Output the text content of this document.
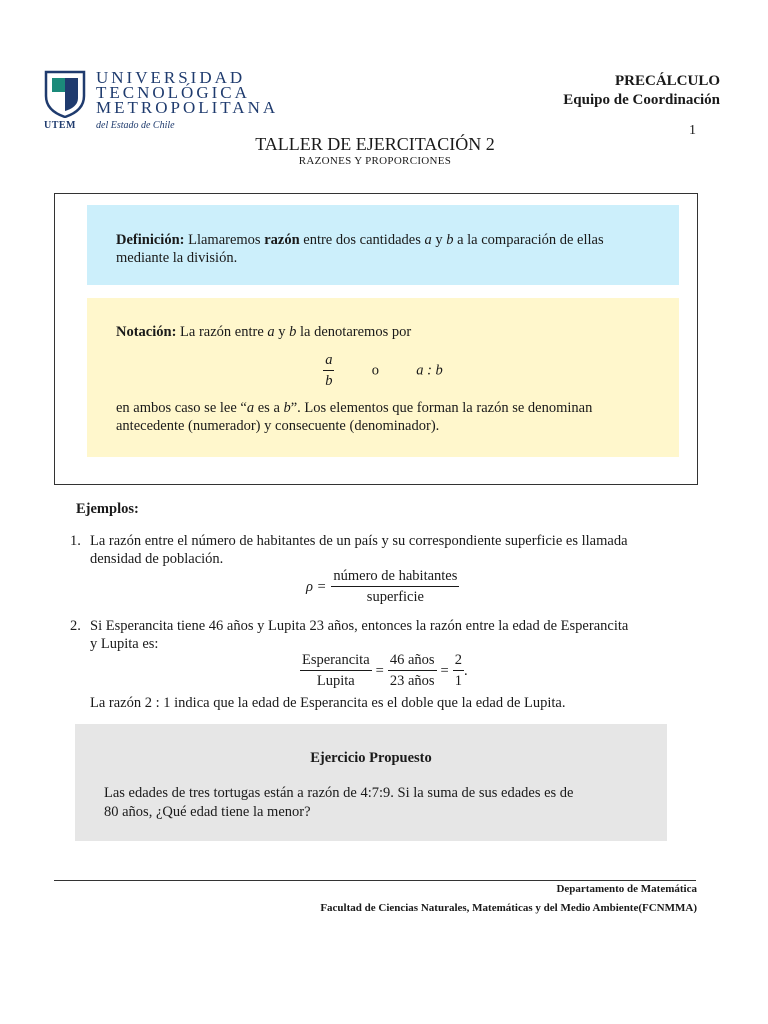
UNIVERSIDAD
TECNOLÓGICA
METROPOLITANA
UTEM del Estado de Chile
PRECÁLCULO
Equipo de Coordinación
1
TALLER DE EJERCITACIÓN 2
RAZONES Y PROPORCIONES
Definición: Llamaremos razón entre dos cantidades a y b a la comparación de ellas
mediante la división.
Notación: La razón entre a y b la denotaremos por
$\frac{a}{b}$	o	a : b
en ambos caso se lee “a es a b”. Los elementos que forman la razón se denominan
antecedente (numerador) y consecuente (denominador).
Ejemplos:
1. La razón entre el número de habitantes de un país y su correspondiente superficie es llamada
densidad de población.
$\rho = \frac{\text{número de habitantes}}{\text{superficie}}$
2. Si Esperancita tiene 46 años y Lupita 23 años, entonces la razón entre la edad de Esperancita
y Lupita es:
$\frac{\text{Esperancita}}{\text{Lupita}} = \frac{\text{46 años}}{\text{23 años}} = \frac{2}{1}$ .
La razón 2 : 1 indica que la edad de Esperancita es el doble que la edad de Lupita.
Ejercicio Propuesto
Las edades de tres tortugas están a razón de 4:7:9. Si la suma de sus edades es de
80 años, ¿Qué edad tiene la menor?
Departamento de Matemática
Facultad de Ciencias Naturales, Matemáticas y del Medio Ambiente(FCNMMA)
